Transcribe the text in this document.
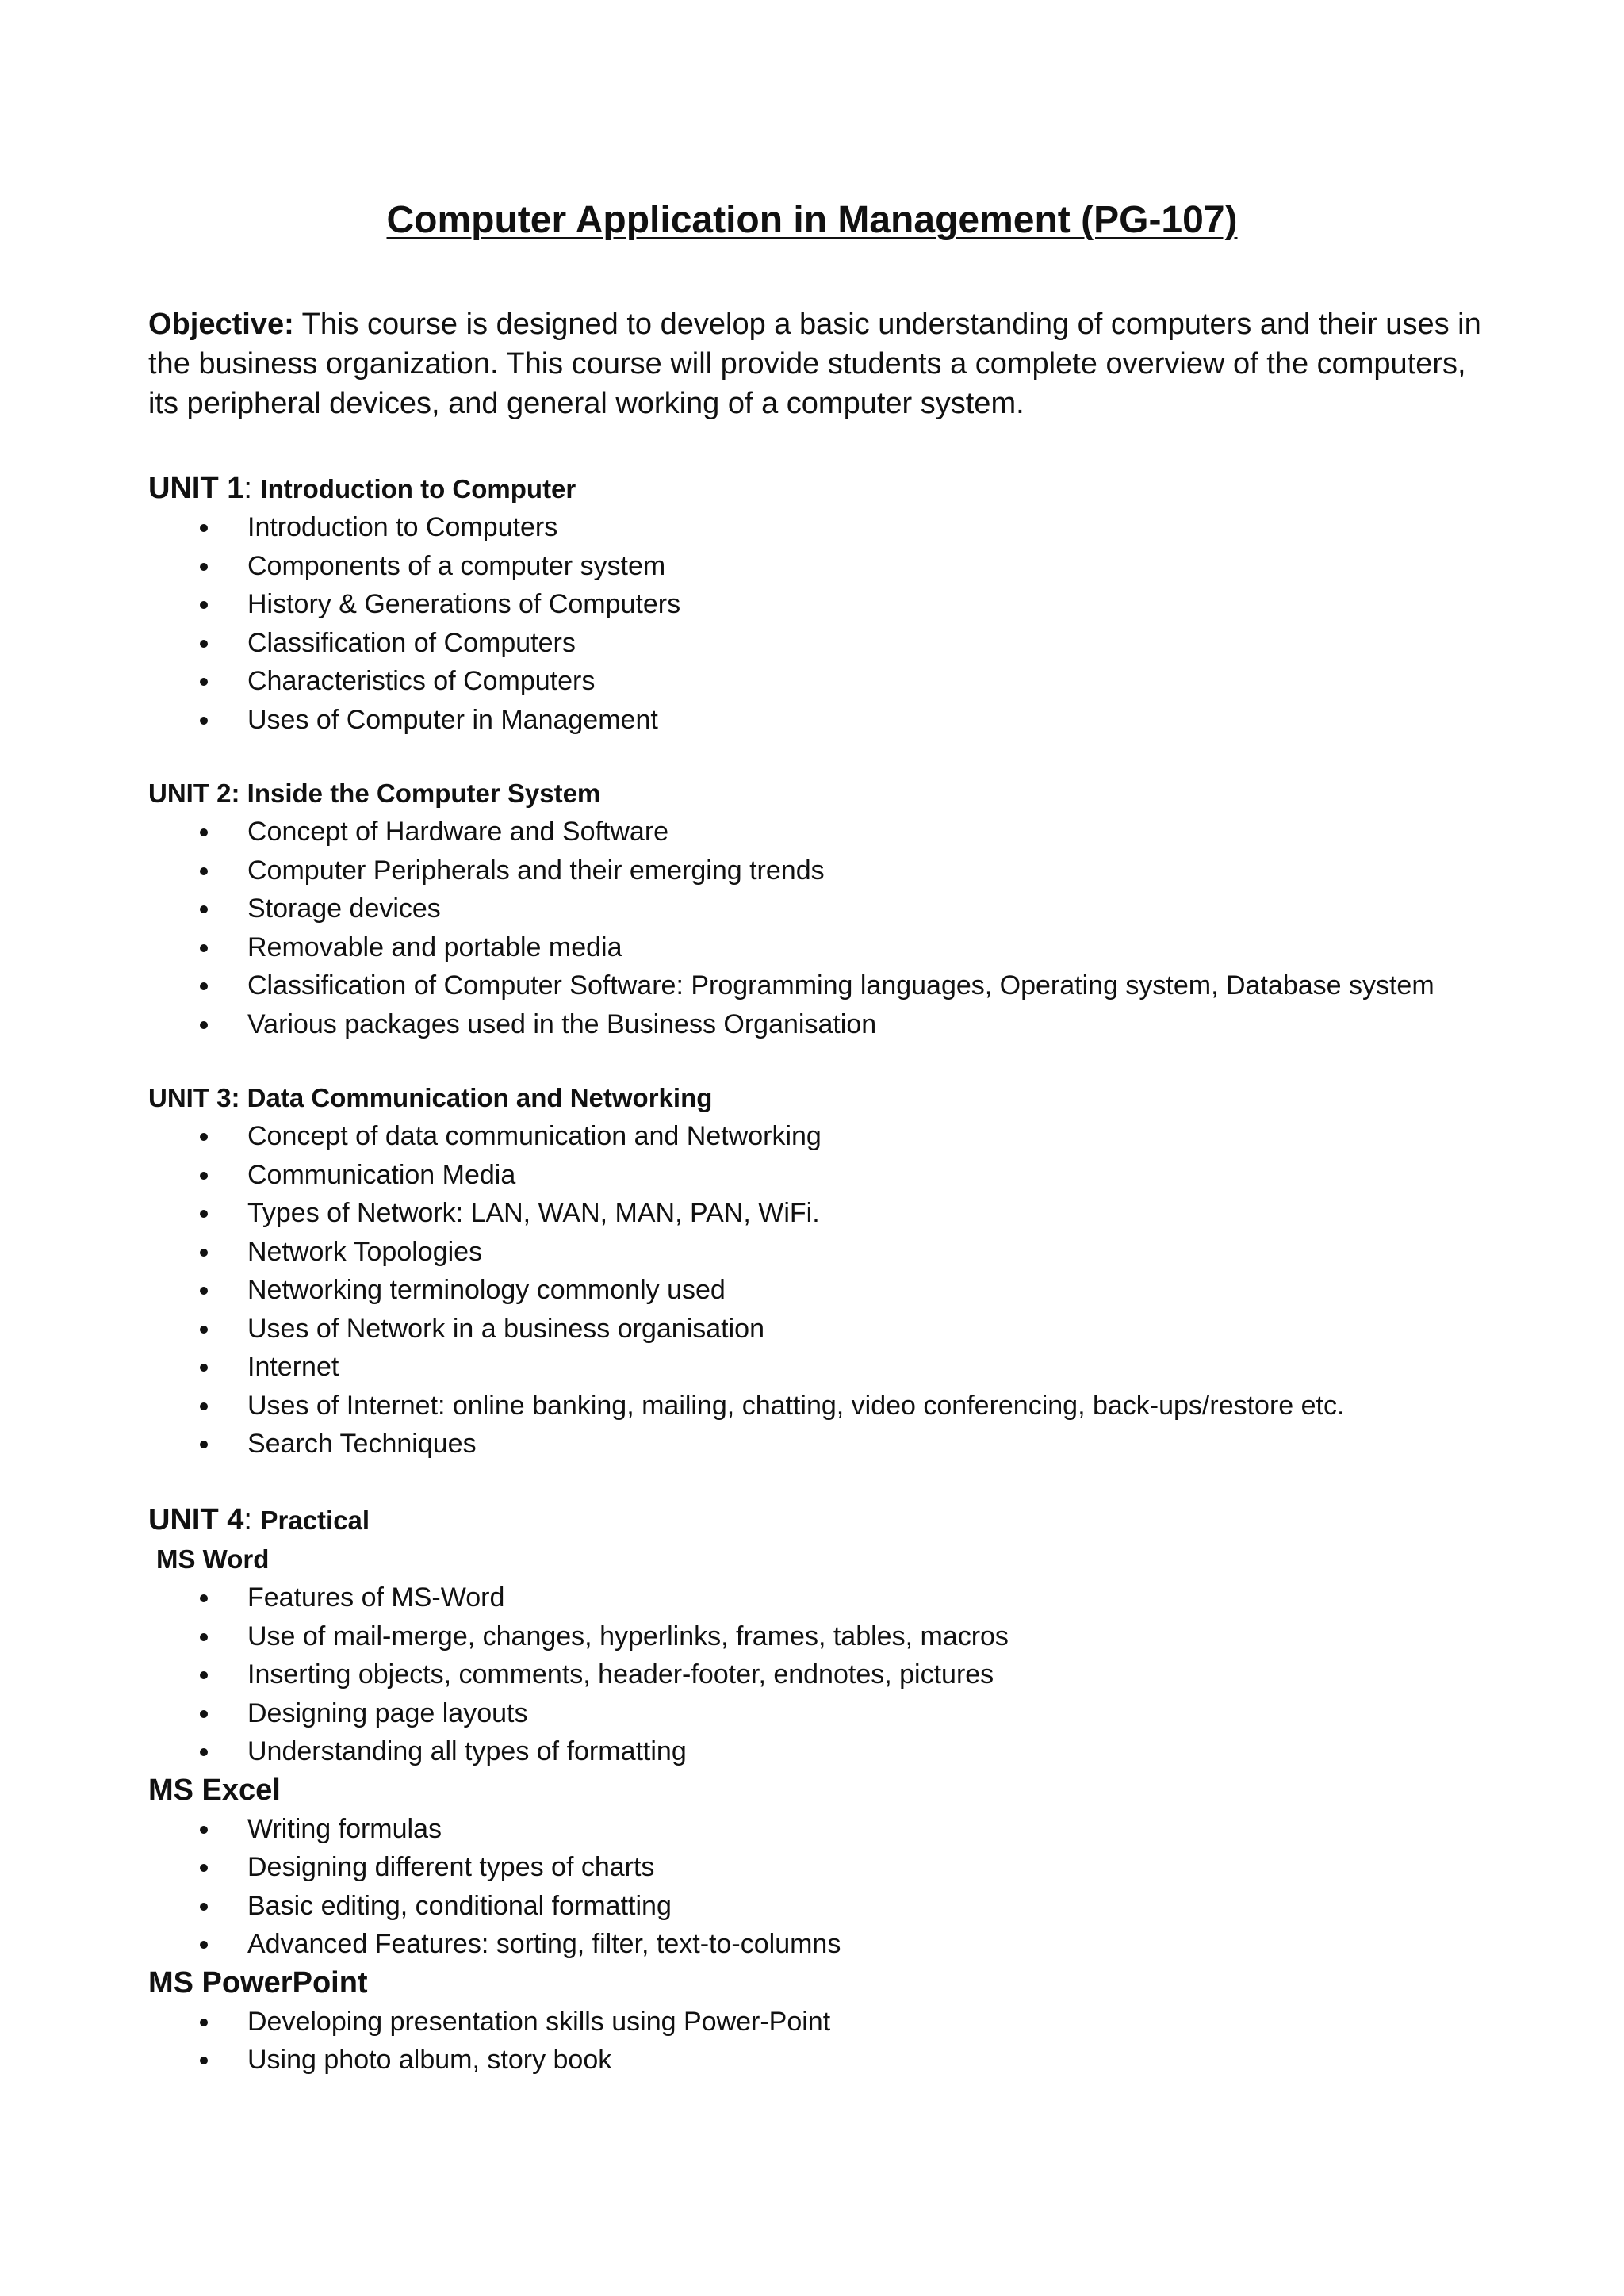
Computer Application in Management (PG-107)

Objective: This course is designed to develop a basic understanding of computers and their uses in the business organization. This course will provide students a complete overview of the computers, its peripheral devices, and general working of a computer system.

UNIT 1: Introduction to Computer
Introduction to Computers
Components of a computer system
History & Generations of Computers
Classification of Computers
Characteristics of Computers
Uses of Computer in Management
UNIT 2: Inside the Computer System
Concept of Hardware and Software
Computer Peripherals and their emerging trends
Storage devices
Removable and portable media
Classification of Computer Software: Programming languages, Operating system, Database system
Various packages used in the Business Organisation
UNIT 3: Data Communication and Networking
Concept of data communication and Networking
Communication Media
Types of Network: LAN, WAN, MAN, PAN, WiFi.
Network Topologies
Networking terminology commonly used
Uses of Network in a business organisation
Internet
Uses of Internet: online banking, mailing, chatting, video conferencing, back-ups/restore etc.
Search Techniques
UNIT 4: Practical
MS Word
Features of MS-Word
Use of mail-merge, changes, hyperlinks, frames, tables, macros
Inserting objects, comments, header-footer, endnotes, pictures
Designing page layouts
Understanding all types of formatting
MS Excel
Writing formulas
Designing different types of charts
Basic editing, conditional formatting
Advanced Features: sorting, filter, text-to-columns
MS PowerPoint
Developing presentation skills using Power-Point
Using photo album, story book
